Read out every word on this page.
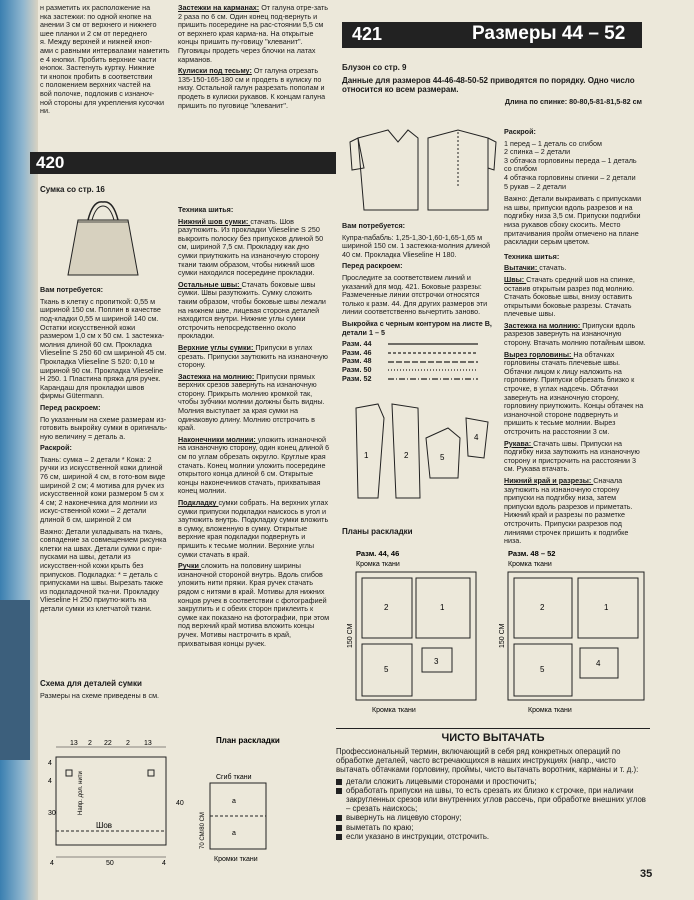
н разметить их расположение на
нка застежки: по одной кнопке на
анении 3 см от верхнего и нижнего
шее планки и 2 см от переднего
я. Между верхней и нижней кноп-
ами с равными интервалами наметить
е 4 кнопки. Пробить верхние части
кнопок. Застегнуть куртку. Нижние
ти кнопок пробить в соответствии
с положением верхних частей на
вой полочке, подложив с изнаноч-
ной стороны для укрепления кусочки
ни.
420

Сумка со стр. 16

Вам потребуется:

Ткань в клетку с пропиткой: 0,55 м шириной 150 см. Поплин в качестве под-кладки 0,55 м шириной 140 см. Остатки искусственной кожи размером 1,0 см х 50 см. 1 застежка-молния длиной 60 см. Прокладка Vlieseline S 250 60 см шириной 45 см. Прокладка Vlieseline S 520: 0,10 м шириной 90 см. Прокладка Vlieseline H 250. 1 Пластина пряжа для ручек. Карандаш для прокладки швов фирмы Gütermann.

Перед раскроем:

По указанным на схеме размерам из-готовить выкройку сумки в оригиналь-ную величину = деталь а.

Раскрой:

Ткань: сумка – 2 детали * Кожа: 2 ручки из искусственной кожи длиной 76 см, шириной 4 см, в гото-вом виде шириной 2 см; 4 мотива для ручек из искусственной кожи размером 5 см х 4 см; 2 наконечника для молнии из искус-ственной кожи – 2 детали длиной 6 см, шириной 2 см

Важно: Детали укладывать на ткань, совпадение за совмещением рисунка клетки на швах. Детали сумки с при-пусками на швы, детали из искусствен-ной кожи крыть без припусков. Подкладка: * = деталь с припусками на швы. Вырезать также из подкладочной тка-ни. Прокладку Vlieseline H 250 приутю-жить на детали сумки из клетчатой ткани.

Схема для деталей сумки

Размеры на схеме приведены в см.

13 2 22 2 13
4
4
30
40
Шов
Напр. дол. нити
4	50	4
План раскладки
Сгиб ткани
а
а
70 СМ/80 СМ
Кромки ткани

Застежки на карманах: От галуна отре-зать 2 раза по 6 см. Один конец под-вернуть и пришить посередине на рас-стоянии 5,5 см от верхнего края карма-на. На открытые концы пришить пу-говицу "клеванит". Пуговицы продеть через блочки на латах карманов.

Кулиски под тесьму: От галуна отрезать 135-150-165-180 см и продеть в кулиску по низу. Остальной галун разрезать пополам и продеть в кулиски рукавов. К концам галуна пришить по пуговице "клеванит".

Техника шитья:

Нижний шов сумки: стачать. Шов разутюжить. Из прокладки Vlieseline S 250 выкроить полоску без припусков длиной 50 см, шириной 7,5 см. Прокладку как дно сумки приутюжить на изнаночную сторону ткани таким образом, чтобы нижний шов сумки находился посередине прокладки.

Остальные швы: Стачать боковые швы сумки. Швы разутюжить. Сумку сложить таким образом, чтобы боковые швы лежали на нижнем шве, лицевая сторона деталей находится внутри. Нижние углы сумки отстрочить непосредственно около прокладки.

Верхние углы сумки: Припуски в углах срезать. Припуски заутюжить на изнаночную сторону.

Застежка на молнию: Припуски прямых верхних срезов завернуть на изнаночную сторону. Прикрыть молнию кромкой так, чтобы зубчики молнии должны быть видны. Молния выступает за края сумки на одинаковую длину. Молнию отстрочить в край.

Наконечники молнии: уложить изнаночной на изнаночную сторону, один конец длиной 6 см по углам обрезать округло. Круглые края стачать. Конец молнии уложить посередине открытого конца длиной 6 см. Открытые концы наконечников стачать, прихватывая конец молнии.

Подкладку сумки собрать. На верхних углах сумки припуски подкладки наискось в угол и заутюжить внутрь. Подкладку сумки вложить в сумку, вложенную в сумку. Открытые верхние края подкладки подвернуть и пришить к тесьме молнии. Верхние углы сумки стачать в край.

Ручки сложить на половину ширины изнаночной стороной внутрь. Вдоль сгибов уложить нити пряжи. Края ручек стачать рядом с нитями в край. Мотивы для нижних концов ручек в соответствии с фотографией закруглить и с обеих сторон приклеить к сумке как показано на фотографии, при этом под верхний край мотива вложить концы ручек. Мотивы настрочить в край, прихватывая концы ручек.

421	Размеры 44 – 52

Блузон со стр. 9

Данные для размеров 44-46-48-50-52 приводятся по порядку. Одно число относится ко всем размерам.

Длина по спинке: 80-80,5-81-81,5-82 см

Раскрой:

1 перед – 1 деталь со сгибом
2 спинка – 2 детали
3 обтачка горловины переда – 1 деталь со сгибом
4 обтачка горловины спинки – 2 детали
5 рукав – 2 детали

Важно: Детали выкраивать с припусками на швы, припуски вдоль разрезов и на подгибку низа 3,5 см. Припуски подгибки низа рукавов сбоку скосить. Место притачивания пройм отмечено на плане раскладки серым цветом.

Техника шитья:

Вытачки: стачать.

Швы: Стачать средний шов на спинке, оставив открытым разрез под молнию. Стачать боковые швы, внизу оставить открытыми боковые разрезы. Стачать плечевые швы.

Застежка на молнию: Припуски вдоль разрезов завернуть на изнаночную сторону. Втачать молнию потайным швом.

Вырез горловины: На обтачках горловины стачать плечевые швы. Обтачки лицом к лицу наложить на горловину. Припуски обрезать близко к строчке, в углах надсечь. Обтачки завернуть на изнаночную сторону, горловину приутюжить. Концы обтачек на изнаночной стороне подвернуть и пришить к тесьме молнии. Вырез отстрочить на расстоянии 3 см.

Рукава: Стачать швы. Припуски на подгибку низа заутюжить на изнаночную сторону и пристрочить на расстоянии 3 см. Рукава втачать.

Нижний край и разрезы: Сначала заутюжить на изнаночную сторону припуски на подгибку низа, затем припуски вдоль разрезов и приметать. Нижний край и разрезы по разметке отстрочить. Припуски разрезов под линиями строчек пришить к подгибке низа.

Вам потребуется:

Купра-пабабль: 1,25-1,30-1,60-1,65-1,65 м шириной 150 см. 1 застежка-молния длиной 40 см. Прокладка Vlieseline H 180.

Перед раскроем:

Проследите за соответствием линий и указаний для мод. 421. Боковые разрезы: Размеченные линии отстрочки относятся только к разм. 44. Для других размеров эти линии соответственно вычертить заново.

Выкройка с черным контуром на листе В, детали 1 – 5

Разм. 44
Разм. 46
Разм. 48
Разм. 50
Разм. 52
1	2	5
4

Планы раскладки

Разм. 44, 46
Кромка ткани
2	1
5
3
150 СМ
Кромка ткани
Разм. 48 – 52
Кромка ткани
2	1
5
4
150 СМ
Кромка ткани
ЧИСТО ВЫТАЧАТЬ
Профессиональный термин, включающий в себя ряд конкретных операций по обработке деталей, часто встречающихся в наших инструкциях (напр., чисто вытачать обтачками горловину, проймы, чисто вытачать воротник, карманы и т. д.):
детали сложить лицевыми сторонами и простючить;
обработать припуски на швы, то есть срезать их близко к строчке, при наличии закругленных срезов или внутренних углов рассечь, при обработке внешних углов – срезать наискось;
вывернуть на лицевую сторону;
выметать по краю;
если указано в инструкции, отстрочить.
35
